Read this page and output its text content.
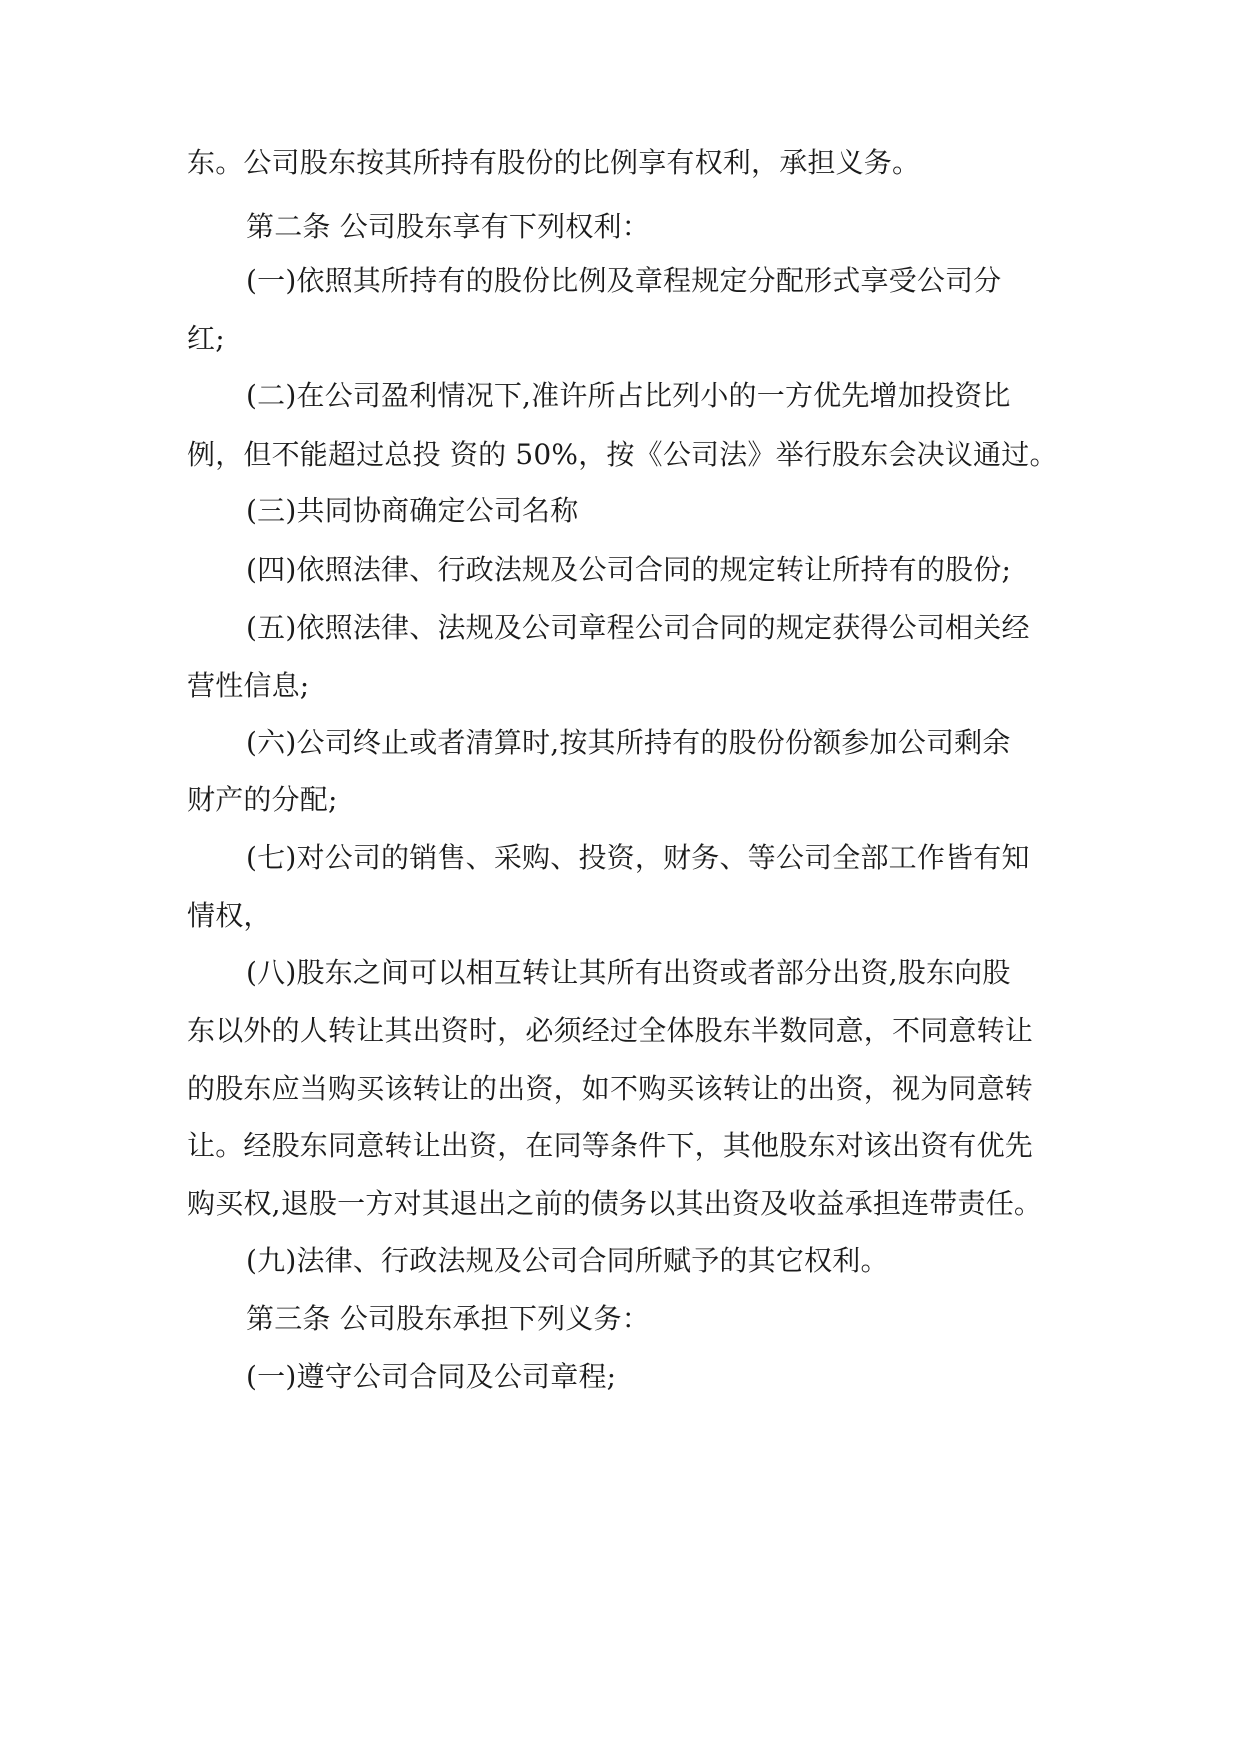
东。公司股东按其所持有股份的比例享有权利，承担义务。
第二条 公司股东享有下列权利：
(一)依照其所持有的股份比例及章程规定分配形式享受公司分
红;
(二)在公司盈利情况下,准许所占比列小的一方优先增加投资比
例，但不能超过总投 资的 50%，按《公司法》举行股东会决议通过。
(三)共同协商确定公司名称
(四)依照法律、行政法规及公司合同的规定转让所持有的股份;
(五)依照法律、法规及公司章程公司合同的规定获得公司相关经
营性信息;
(六)公司终止或者清算时,按其所持有的股份份额参加公司剩余
财产的分配;
(七)对公司的销售、采购、投资，财务、等公司全部工作皆有知
情权，
(八)股东之间可以相互转让其所有出资或者部分出资,股东向股
东以外的人转让其出资时，必须经过全体股东半数同意，不同意转让
的股东应当购买该转让的出资，如不购买该转让的出资，视为同意转
让。经股东同意转让出资，在同等条件下，其他股东对该出资有优先
购买权,退股一方对其退出之前的债务以其出资及收益承担连带责任。
(九)法律、行政法规及公司合同所赋予的其它权利。
第三条 公司股东承担下列义务：
(一)遵守公司合同及公司章程;
